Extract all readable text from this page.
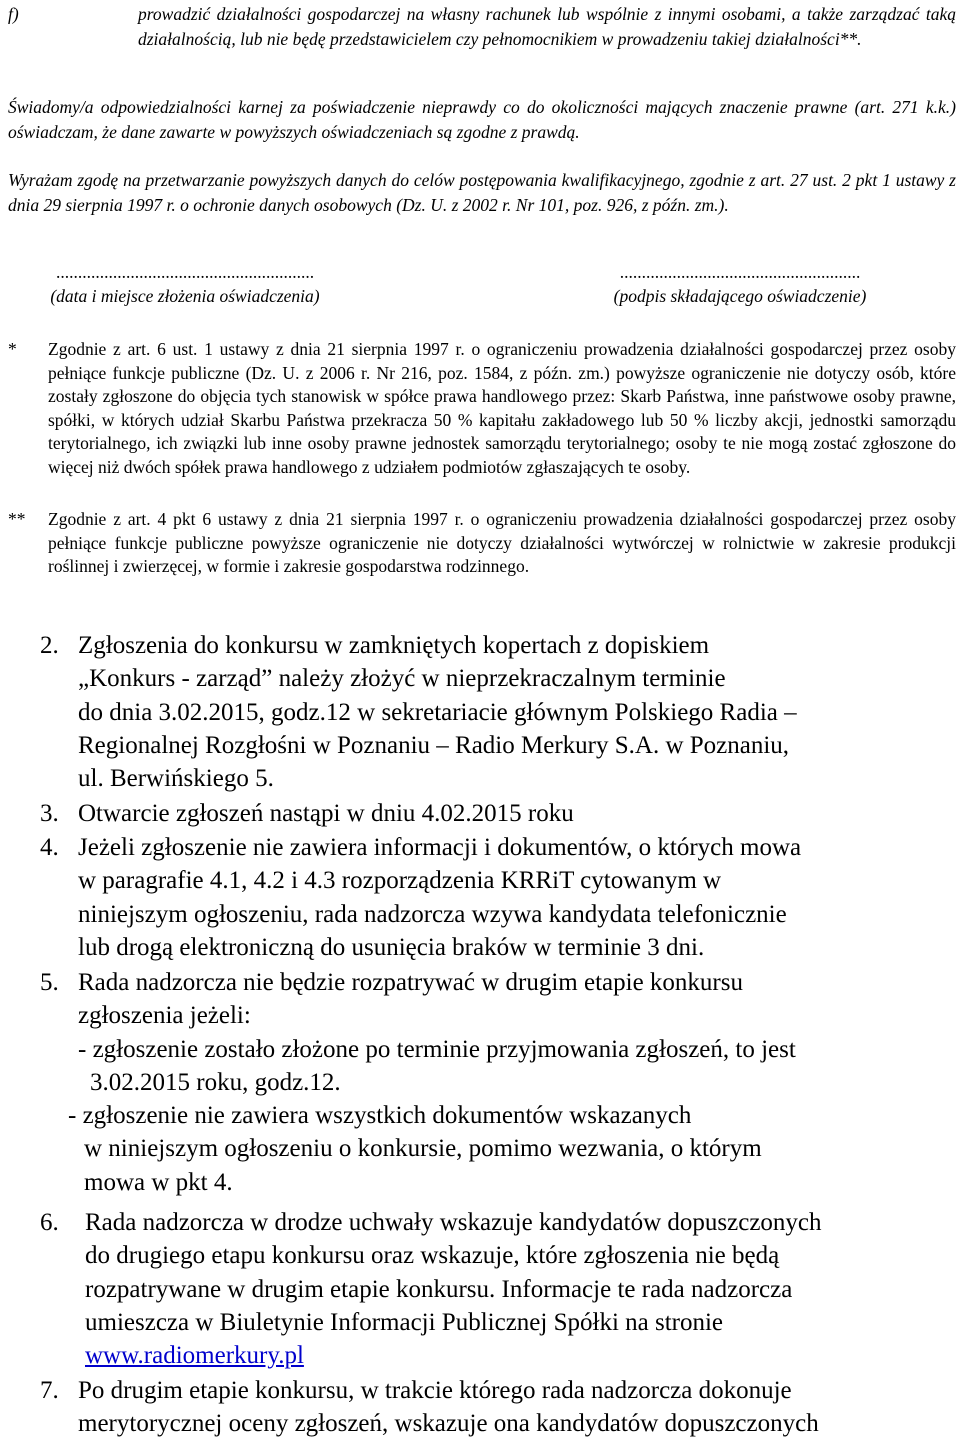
f)	prowadzić działalności gospodarczej na własny rachunek lub wspólnie z innymi osobami, a także zarządzać taką działalnością, lub nie będę przedstawicielem czy pełnomocnikiem w prowadzeniu takiej działalności**.
Świadomy/a odpowiedzialności karnej za poświadczenie nieprawdy co do okoliczności mających znaczenie prawne (art. 271 k.k.) oświadczam, że dane zawarte w powyższych oświadczeniach są zgodne z prawdą.
Wyrażam zgodę na przetwarzanie powyższych danych do celów postępowania kwalifikacyjnego, zgodnie z art. 27 ust. 2 pkt 1 ustawy z dnia 29 sierpnia 1997 r. o ochronie danych osobowych (Dz. U. z 2002 r. Nr 101, poz. 926, z późn. zm.).
...........................................................
(data i miejsce złożenia oświadczenia)
.......................................................
(podpis składającego oświadczenie)
*	Zgodnie z art. 6 ust. 1 ustawy z dnia 21 sierpnia 1997 r. o ograniczeniu prowadzenia działalności gospodarczej przez osoby pełniące funkcje publiczne (Dz. U. z 2006 r. Nr 216, poz. 1584, z późn. zm.) powyższe ograniczenie nie dotyczy osób, które zostały zgłoszone do objęcia tych stanowisk w spółce prawa handlowego przez: Skarb Państwa, inne państwowe osoby prawne, spółki, w których udział Skarbu Państwa przekracza 50 % kapitału zakładowego lub 50 % liczby akcji, jednostki samorządu terytorialnego, ich związki lub inne osoby prawne jednostek samorządu terytorialnego; osoby te nie mogą zostać zgłoszone do więcej niż dwóch spółek prawa handlowego z udziałem podmiotów zgłaszających te osoby.
**	Zgodnie z art. 4 pkt 6 ustawy z dnia 21 sierpnia 1997 r. o ograniczeniu prowadzenia działalności gospodarczej przez osoby pełniące funkcje publiczne powyższe ograniczenie nie dotyczy działalności wytwórczej w rolnictwie w zakresie produkcji roślinnej i zwierzęcej, w formie i zakresie gospodarstwa rodzinnego.
2. Zgłoszenia do konkursu w zamkniętych kopertach z dopiskiem
„Konkurs - zarząd” należy złożyć w nieprzekraczalnym terminie
do dnia 3.02.2015, godz.12 w sekretariacie głównym Polskiego Radia –
Regionalnej Rozgłośni w Poznaniu – Radio Merkury S.A. w Poznaniu,
ul. Berwińskiego 5.
3. Otwarcie zgłoszeń nastąpi w dniu 4.02.2015 roku
4. Jeżeli zgłoszenie nie zawiera informacji i dokumentów, o których mowa
w paragrafie 4.1, 4.2 i 4.3 rozporządzenia KRRiT cytowanym w
niniejszym ogłoszeniu, rada nadzorcza wzywa kandydata telefonicznie
lub drogą elektroniczną do usunięcia braków w terminie 3 dni.
5. Rada nadzorcza nie będzie rozpatrywać w drugim etapie konkursu
zgłoszenia jeżeli:
- zgłoszenie zostało złożone po terminie przyjmowania zgłoszeń, to jest
3.02.2015 roku, godz.12.
- zgłoszenie nie zawiera wszystkich dokumentów wskazanych
w niniejszym ogłoszeniu o konkursie, pomimo wezwania, o którym
mowa w pkt 4.
6. Rada nadzorcza w drodze uchwały wskazuje kandydatów dopuszczonych
do drugiego etapu konkursu oraz wskazuje, które zgłoszenia nie będą
rozpatrywane w drugim etapie konkursu. Informacje te rada nadzorcza
umieszcza w Biuletynie Informacji Publicznej Spółki na stronie
www.radiomerkury.pl
7. Po drugim etapie konkursu, w trakcie którego rada nadzorcza dokonuje
merytorycznej oceny zgłoszeń, wskazuje ona kandydatów dopuszczonych
